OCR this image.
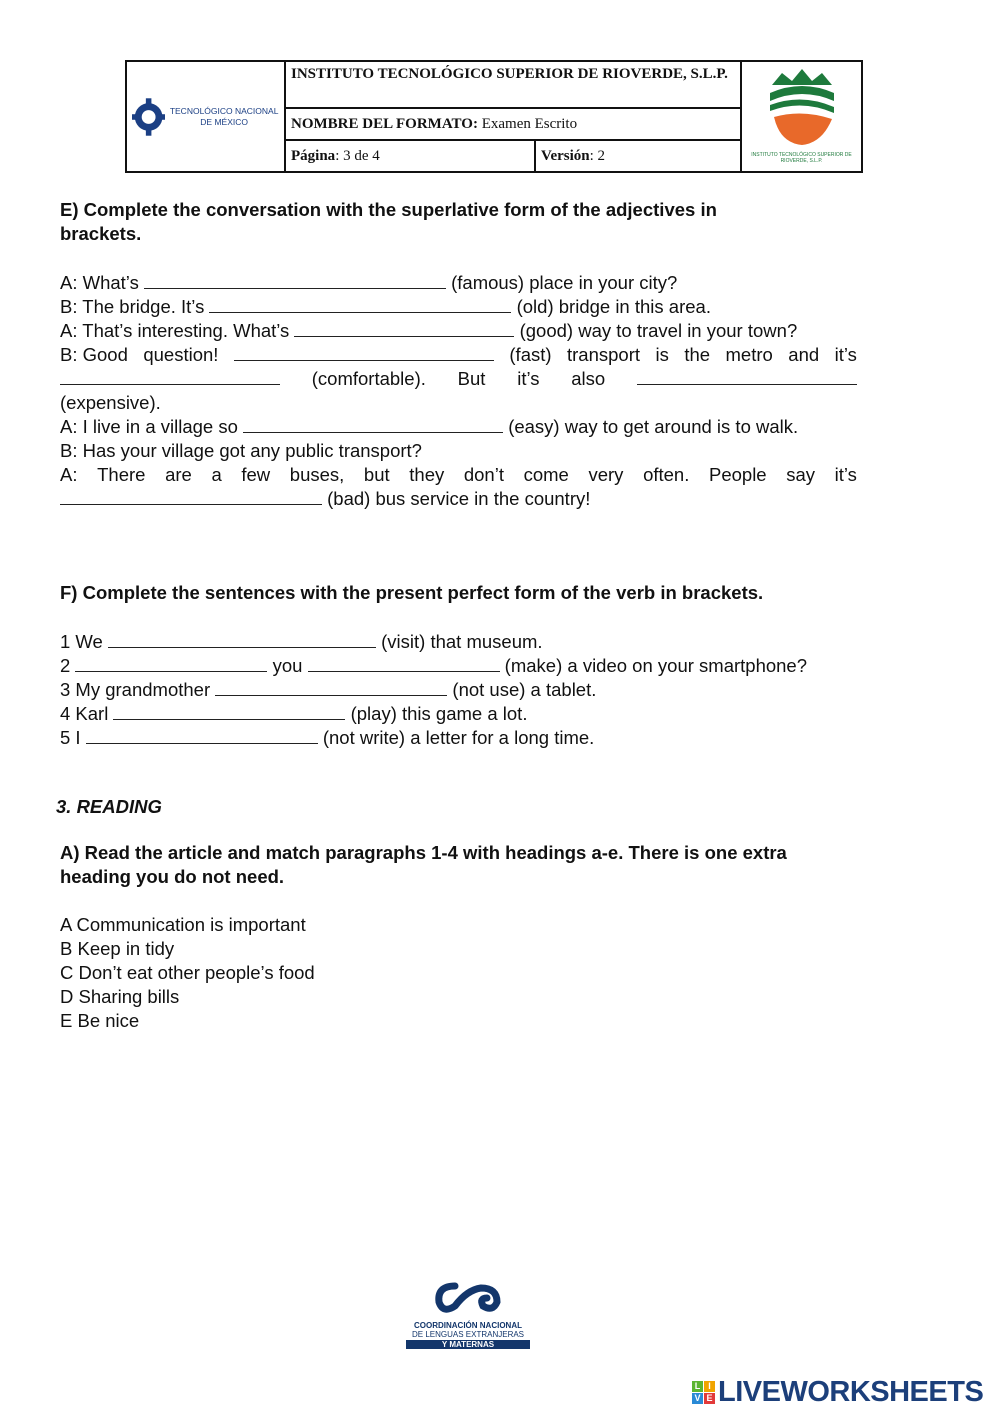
TECNOLÓGICO NACIONAL DE MÉXICO
INSTITUTO TECNOLÓGICO SUPERIOR DE RIOVERDE, S.L.P.
NOMBRE DEL FORMATO: Examen Escrito
Página: 3 de 4	Versión: 2	INSTITUTO TECNOLÓGICO SUPERIOR DE RIOVERDE, S.L.P.
E) Complete the conversation with the superlative form of the adjectives in
brackets.
A: What’s	(famous) place in your city?
B: The bridge. It’s	(old) bridge in this area.
A: That’s interesting. What’s	(good) way to travel in your town?
B: Good question!	(fast) transport is the metro and it’s
(comfortable). But it’s also
(expensive).
A: I live in a village so	(easy) way to get around is to walk.
B: Has your village got any public transport?
A: There are a few buses, but they don’t come very often. People say it’s
(bad) bus service in the country!
F) Complete the sentences with the present perfect form of the verb in brackets.
1 We	(visit) that museum.
2	you	(make) a video on your smartphone?
3 My grandmother	(not use) a tablet.
4 Karl	(play) this game a lot.
5 I	(not write) a letter for a long time.
3. READING
A) Read the article and match paragraphs 1-4 with headings a-e. There is one extra
heading you do not need.
A Communication is important
B Keep in tidy
C Don’t eat other people’s food
D Sharing bills
E Be nice
COORDINACIÓN NACIONAL
DE LENGUAS EXTRANJERAS
Y MATERNAS
L I
V E LIVEWORKSHEETS
